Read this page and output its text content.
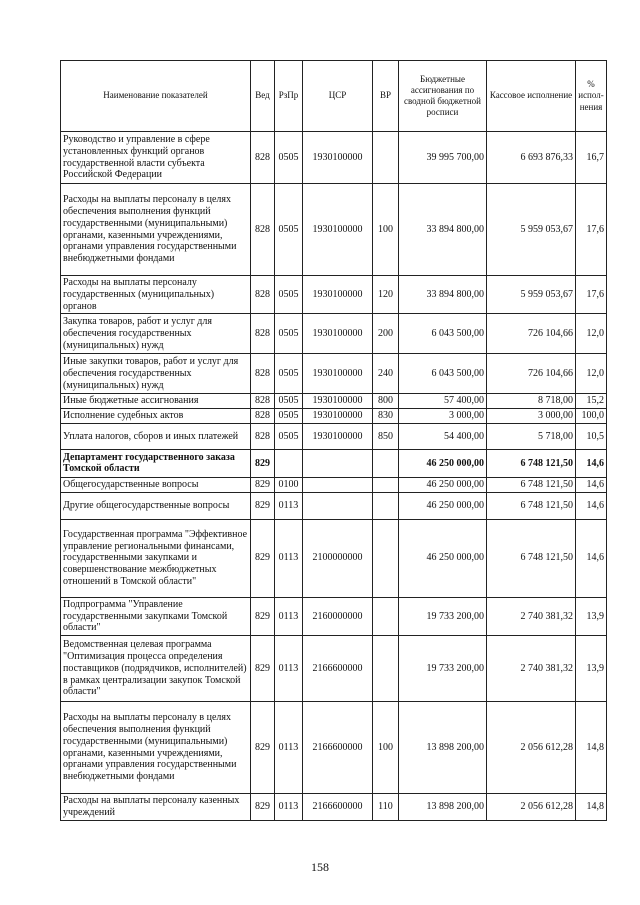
Наименование показателей	Вед	РзПр	ЦСР	ВР	Бюджетные ассигнования по сводной бюджетной росписи	Кассовое исполнение	% испол-нения
Руководство и управление в сфере установленных функций органов государственной власти субъекта Российской Федерации	828	0505	1930100000		39 995 700,00	6 693 876,33	16,7
Расходы на выплаты персоналу в целях обеспечения выполнения функций государственными (муниципальными) органами, казенными учреждениями, органами управления государственными внебюджетными фондами	828	0505	1930100000	100	33 894 800,00	5 959 053,67	17,6
Расходы на выплаты персоналу государственных (муниципальных) органов	828	0505	1930100000	120	33 894 800,00	5 959 053,67	17,6
Закупка товаров, работ и услуг для обеспечения государственных (муниципальных) нужд	828	0505	1930100000	200	6 043 500,00	726 104,66	12,0
Иные закупки товаров, работ и услуг для обеспечения государственных (муниципальных) нужд	828	0505	1930100000	240	6 043 500,00	726 104,66	12,0
Иные бюджетные ассигнования	828	0505	1930100000	800	57 400,00	8 718,00	15,2
Исполнение судебных актов	828	0505	1930100000	830	3 000,00	3 000,00	100,0
Уплата налогов, сборов и иных платежей	828	0505	1930100000	850	54 400,00	5 718,00	10,5
Департамент государственного заказа Томской области	829				46 250 000,00	6 748 121,50	14,6
Общегосударственные вопросы	829	0100			46 250 000,00	6 748 121,50	14,6
Другие общегосударственные вопросы	829	0113			46 250 000,00	6 748 121,50	14,6
Государственная программа "Эффективное управление региональными финансами, государственными закупками и совершенствование межбюджетных отношений в Томской области"	829	0113	2100000000		46 250 000,00	6 748 121,50	14,6
Подпрограмма "Управление государственными закупками Томской области"	829	0113	2160000000		19 733 200,00	2 740 381,32	13,9
Ведомственная целевая программа "Оптимизация процесса определения поставщиков (подрядчиков, исполнителей) в рамках централизации закупок Томской области"	829	0113	2166600000		19 733 200,00	2 740 381,32	13,9
Расходы на выплаты персоналу в целях обеспечения выполнения функций государственными (муниципальными) органами, казенными учреждениями, органами управления государственными внебюджетными фондами	829	0113	2166600000	100	13 898 200,00	2 056 612,28	14,8
Расходы на выплаты персоналу казенных учреждений	829	0113	2166600000	110	13 898 200,00	2 056 612,28	14,8
158
